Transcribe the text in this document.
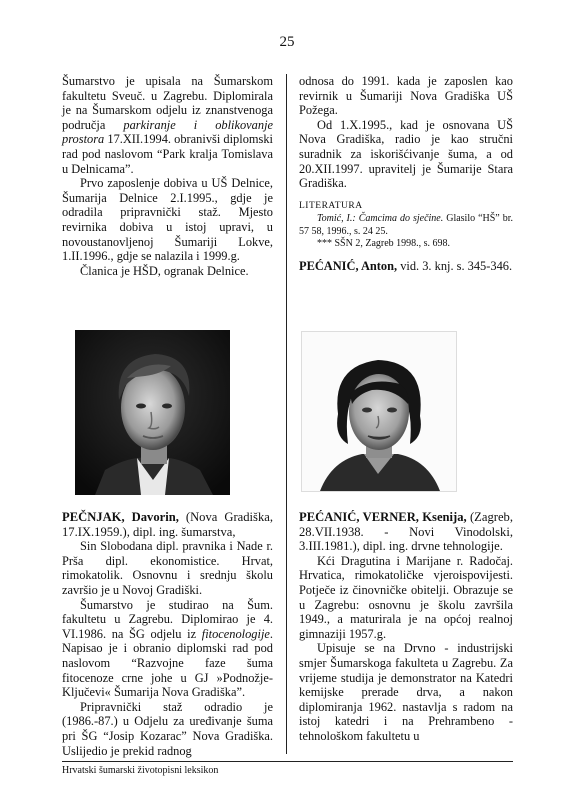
25

Šumarstvo je upisala na Šumarskom fakultetu Sveuč. u Zagrebu. Diplomirala je na Šumarskom odjelu iz znanstvenoga područja parkiranje i oblikovanje prostora 17.XII.1994. obranivši diplomski rad pod naslovom “Park kralja Tomislava u Delnicama”.

Prvo zaposlenje dobiva u UŠ Delnice, Šumarija Delnice 2.I.1995., gdje je odradila pripravnički staž. Mjesto revirnika dobiva u istoj upravi, u novoustanovljenoj Šumariji Lokve, 1.II.1996., gdje se nalazila i 1999.g.

Članica je HŠD, ogranak Delnice.

odnosa do 1991. kada je zaposlen kao revirnik u Šumariji Nova Gradiška UŠ Požega.

Od 1.X.1995., kad je osnovana UŠ Nova Gradiška, radio je kao stručni suradnik za iskorišćivanje šuma, a od 20.XII.1997. upravitelj je Šumarije Stara Gradiška.

LITERATURA

Tomić, I.: Čamcima do sječine. Glasilo “HŠ” br. 57 58, 1996., s. 24 25.

*** SŠN 2, Zagreb 1998., s. 698.

PEĆANIĆ, Anton, vid. 3. knj. s. 345-346.

PEČNJAK, Davorin, (Nova Gradiška, 17.IX.1959.), dipl. ing. šumarstva,

Sin Slobodana dipl. pravnika i Nade r. Prša dipl. ekonomistice. Hrvat, rimokatolik. Osnovnu i srednju školu završio je u Novoj Gradiški.

Šumarstvo je studirao na Šum. fakultetu u Zagrebu. Diplomirao je 4. VI.1986. na ŠG odjelu iz fitocenologije. Napisao je i obranio diplomski rad pod naslovom “Razvojne faze šuma fitocenoze crne johe u GJ »Podnožje-Ključevi« Šumarija Nova Gradiška”.

Pripravnički staž odradio je (1986.-87.) u Odjelu za uređivanje šuma pri ŠG “Josip Kozarac” Nova Gradiška. Uslijedio je prekid radnog

PEĆANIĆ, VERNER, Ksenija, (Zagreb, 28.VII.1938. - Novi Vinodolski, 3.III.1981.), dipl. ing. drvne tehnologije.

Kći Dragutina i Marijane r. Radočaj. Hrvatica, rimokatoličke vjeroispovijesti. Potječe iz činovničke obitelji. Obrazuje se u Zagrebu: osnovnu je školu završila 1949., a maturirala je na općoj realnoj gimnaziji 1957.g.

Upisuje se na Drvno - industrijski smjer Šumarskoga fakulteta u Zagrebu. Za vrijeme studija je demonstrator na Katedri kemijske prerade drva, a nakon diplomiranja 1962. nastavlja s radom na istoj katedri i na Prehrambeno - tehnološkom fakultetu u

Hrvatski šumarski životopisni leksikon
